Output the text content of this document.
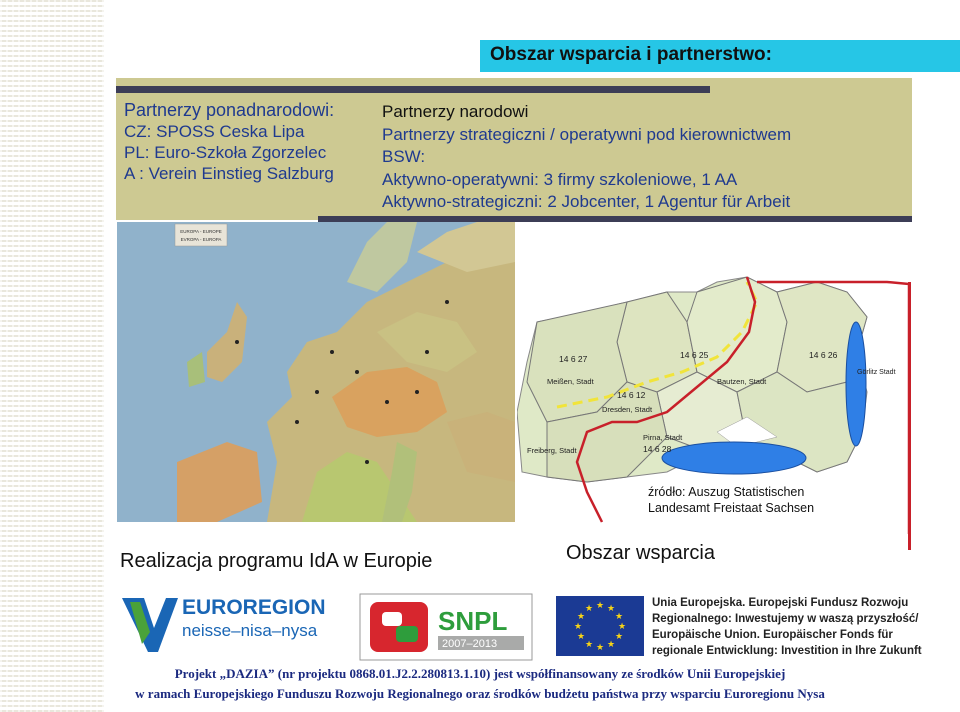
Obszar wsparcia i partnerstwo:
Partnerzy ponadnarodowi:
CZ: SPOSS Ceska Lipa
PL: Euro-Szkoła Zgorzelec
A : Verein Einstieg Salzburg
Partnerzy narodowi
Partnerzy strategiczni / operatywni pod kierownictwem
BSW:
Aktywno-operatywni: 3 firmy szkoleniowe, 1 AA
Aktywno-strategiczni: 2 Jobcenter, 1 Agentur für Arbeit
EUROPA - EUROPE
EVROPA - EUROPA
14 6 27	14 6 25	14 6 26
14 6 12
14 6 28
Meißen, Stadt	Bautzen, Stadt
Görlitz Stadt
Dresden, Stadt
Pirna, Stadt
Freiberg, Stadt
źródło: Auszug Statistischen
Landesamt Freistaat Sachsen
Realizacja programu IdA w Europie	Obszar wsparcia
EUROREGION
neisse–nisa–nysa	SNPL
2007–2013
★ ★
★
★
★
★
★
★
★
★
★
★	Unia Europejska. Europejski Fundusz Rozwoju
Regionalnego: Inwestujemy w waszą przyszłość/
Europäische Union. Europäischer Fonds für
regionale Entwicklung: Investition in Ihre Zukunft
Projekt „DAZIA” (nr projektu 0868.01.J2.2.280813.1.10) jest współfinansowany ze środków Unii Europejskiej
w ramach Europejskiego Funduszu Rozwoju Regionalnego oraz środków budżetu państwa przy wsparciu Euroregionu Nysa
